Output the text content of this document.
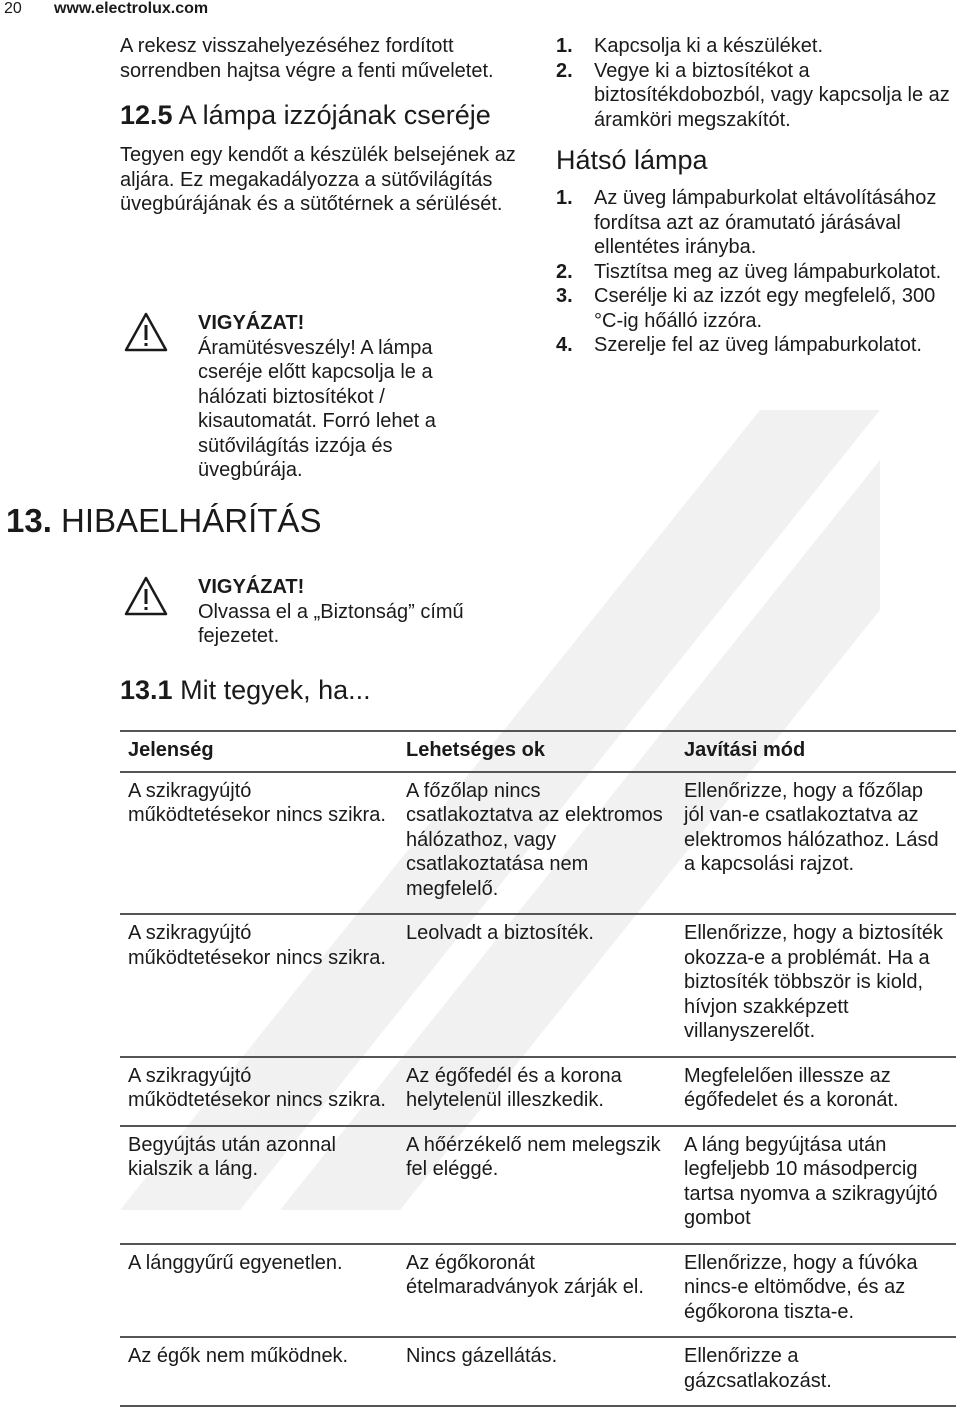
20 www.electrolux.com

A rekesz visszahelyezéséhez fordított sorrendben hajtsa végre a fenti műveletet.

12.5 A lámpa izzójának cseréje

Tegyen egy kendőt a készülék belsejének az aljára. Ez megakadályozza a sütővilágítás üvegbúrájának és a sütőtérnek a sérülését.

VIGYÁZAT!

Áramütésveszély! A lámpa cseréje előtt kapcsolja le a hálózati biztosítékot / kisautomatát. Forró lehet a sütővilágítás izzója és üvegbúrája.

13. HIBAELHÁRÍTÁS
VIGYÁZAT!

Olvassa el a „Biztonság” című fejezetet.

13.1 Mit tegyek, ha...
1. Kapcsolja ki a készüléket.
2. Vegye ki a biztosítékot a biztosítékdobozból, vagy kapcsolja le az áramköri megszakítót.
Hátsó lámpa
1. Az üveg lámpaburkolat eltávolításához fordítsa azt az óramutató járásával ellentétes irányba.
2. Tisztítsa meg az üveg lámpaburkolatot.
3. Cserélje ki az izzót egy megfelelő, 300 °C-ig hőálló izzóra.
4. Szerelje fel az üveg lámpaburkolatot.
Jelenség	Lehetséges ok	Javítási mód
A szikragyújtó működtetésekor nincs szikra.	A főzőlap nincs csatlakoztatva az elektromos hálózathoz, vagy csatlakoztatása nem megfelelő.	Ellenőrizze, hogy a főzőlap jól van-e csatlakoztatva az elektromos hálózathoz. Lásd a kapcsolási rajzot.
A szikragyújtó működtetésekor nincs szikra.	Leolvadt a biztosíték.	Ellenőrizze, hogy a biztosíték okozza-e a problémát. Ha a biztosíték többször is kiold, hívjon szakképzett villanyszerelőt.
A szikragyújtó működtetésekor nincs szikra.	Az égőfedél és a korona helytelenül illeszkedik.	Megfelelően illessze az égőfedelet és a koronát.
Begyújtás után azonnal kialszik a láng.	A hőérzékelő nem melegszik fel eléggé.	A láng begyújtása után legfeljebb 10 másodpercig tartsa nyomva a szikragyújtó gombot
A lánggyűrű egyenetlen.	Az égőkoronát ételmaradványok zárják el.	Ellenőrizze, hogy a fúvóka nincs-e eltömődve, és az égőkorona tiszta-e.
Az égők nem működnek.	Nincs gázellátás.	Ellenőrizze a gázcsatlakozást.
